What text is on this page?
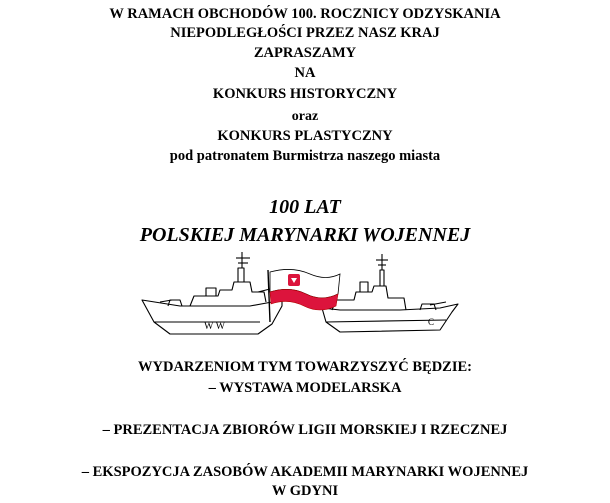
W RAMACH OBCHODÓW 100. ROCZNICY ODZYSKANIA
NIEPODLEGŁOŚCI PRZEZ NASZ KRAJ
ZAPRASZAMY
NA
KONKURS HISTORYCZNY
oraz
KONKURS PLASTYCZNY
pod patronatem Burmistrza naszego miasta
100 LAT
POLSKIEJ MARYNARKI WOJENNEJ
W W	C
WYDARZENIOM TYM TOWARZYSZYĆ BĘDZIE:
– WYSTAWA MODELARSKA
– PREZENTACJA ZBIORÓW LIGII MORSKIEJ I RZECZNEJ
– EKSPOZYCJA ZASOBÓW AKADEMII MARYNARKI WOJENNEJ
W GDYNI
